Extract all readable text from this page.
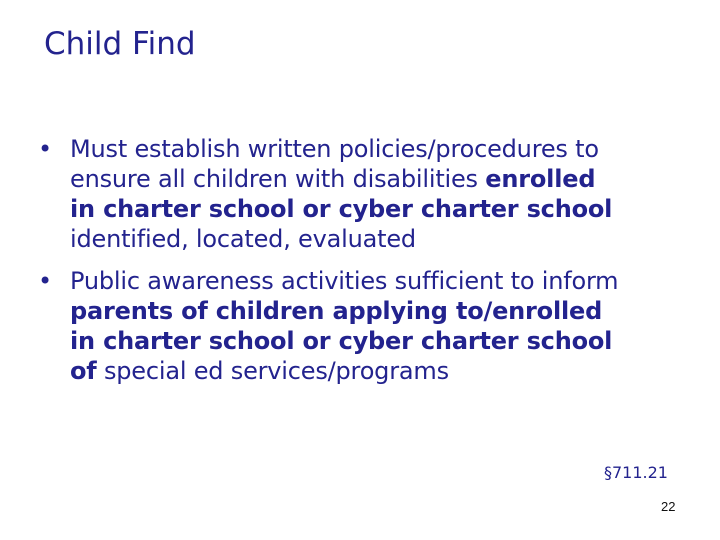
Child Find
• Must establish written policies/procedures to
ensure all children with disabilities enrolled
in charter school or cyber charter school
identified, located, evaluated
• Public awareness activities sufficient to inform
parents of children applying to/enrolled
in charter school or cyber charter school
of special ed services/programs
§711.21
22
